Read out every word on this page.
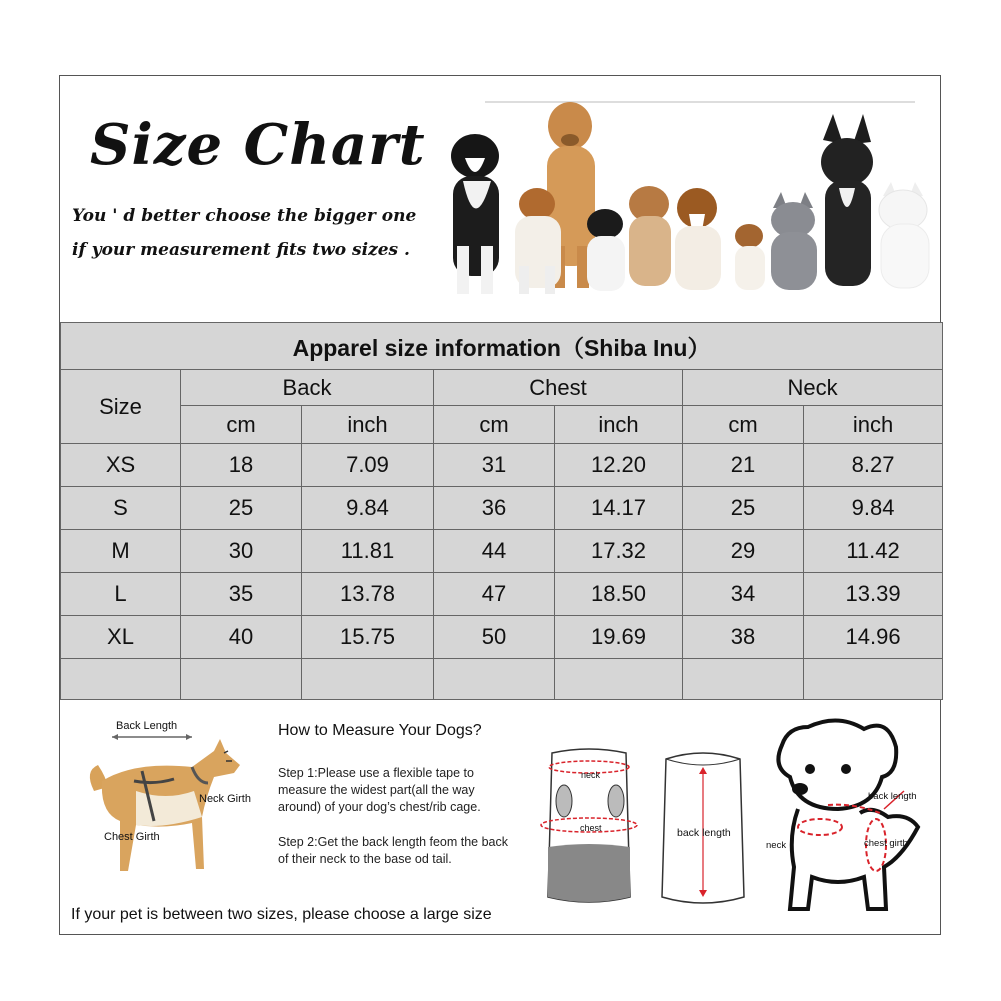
Size Chart
You ' d better choose the bigger one
if your measurement fits two sizes .
Apparel size information（Shiba Inu）						
Size	Back		Chest		Neck	
	cm	inch	cm	inch	cm	inch
XS	18	7.09	31	12.20	21	8.27
S	25	9.84	36	14.17	25	9.84
M	30	11.81	44	17.32	29	11.42
L	35	13.78	47	18.50	34	13.39
XL	40	15.75	50	19.69	38	14.96

Back Length
Neck Girth
Chest Girth
How to Measure Your Dogs?
Step 1:Please use a flexible tape to measure the widest part(all the way around) of your dog’s chest/rib cage.
Step 2:Get the back length feom the back of their neck to the base od tail.
neck
chest	back length
back length
neck	chest girth
If your pet is between two sizes, please choose a large size
